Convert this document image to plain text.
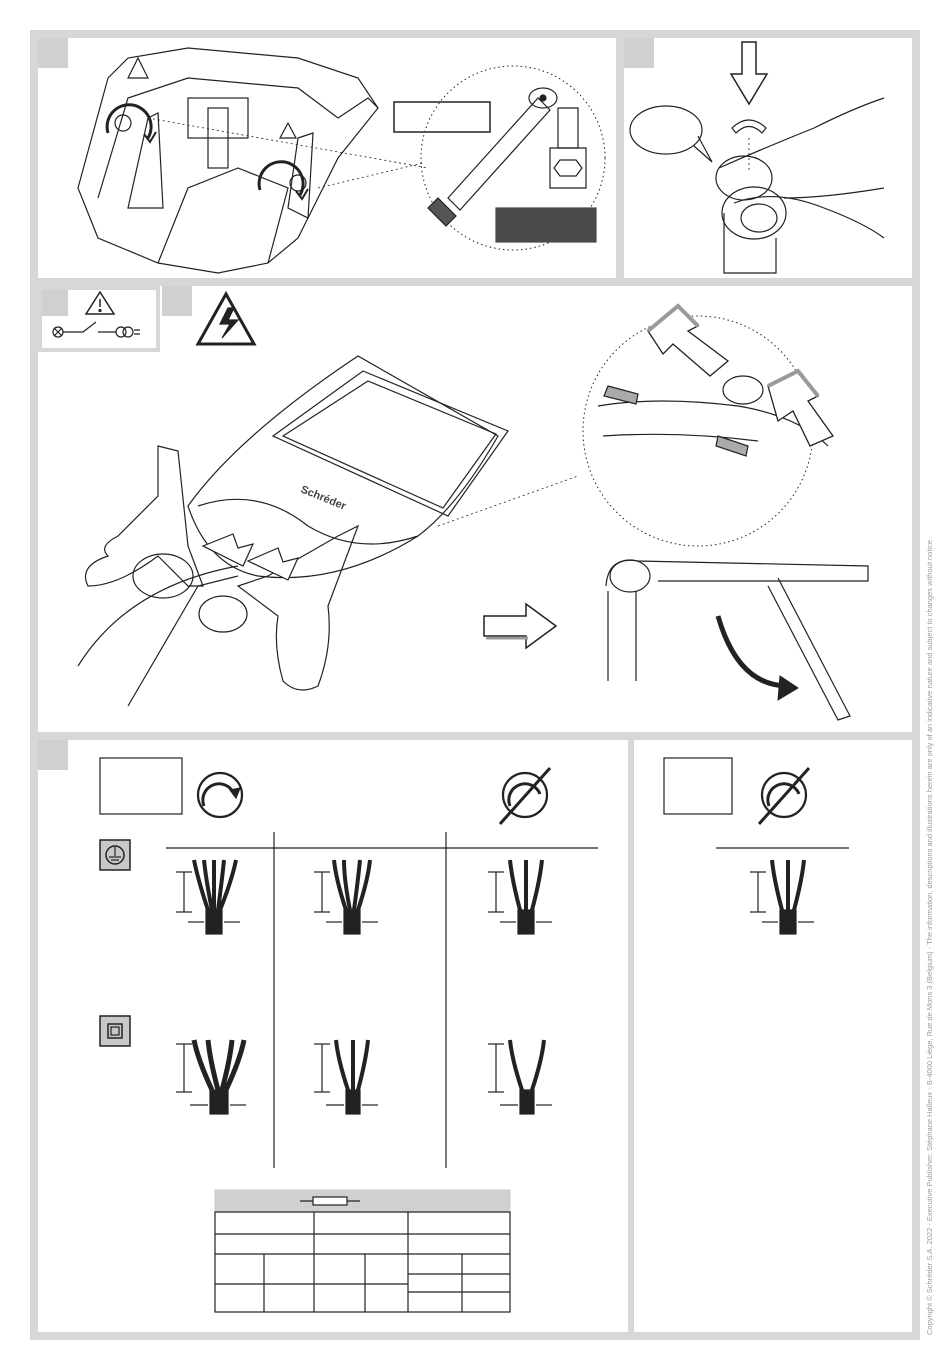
Schréder
Copyright © Schréder S.A. 2022 - Executive Publisher: Stéphane Halleux - B-4000 Liège, Rue de Mons 3 (Belgium) - The information, descriptions and illustrations herein are only of an indicative nature and subject to changes without notice
